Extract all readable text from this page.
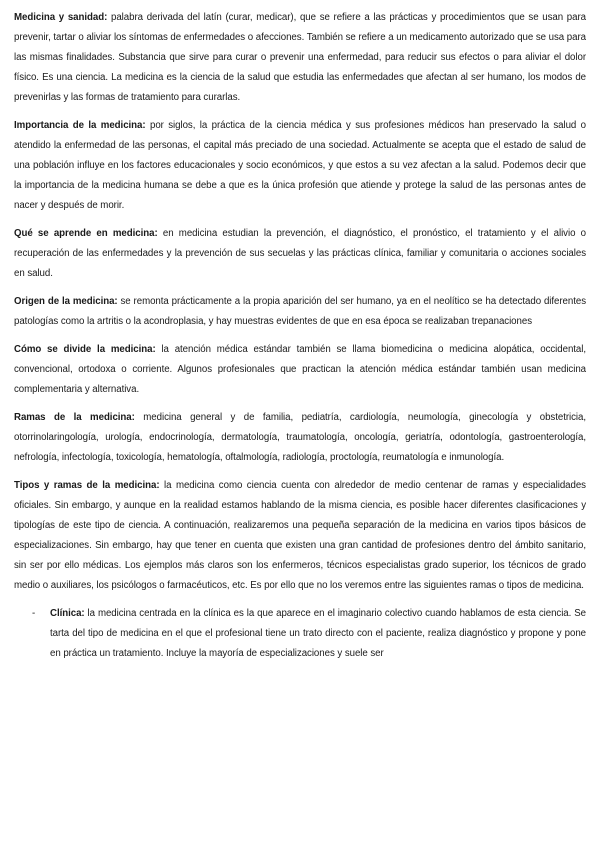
Medicina y sanidad: palabra derivada del latín (curar, medicar), que se refiere a las prácticas y procedimientos que se usan para prevenir, tartar o aliviar los síntomas de enfermedades o afecciones. También se refiere a un medicamento autorizado que se usa para las mismas finalidades. Substancia que sirve para curar o prevenir una enfermedad, para reducir sus efectos o para aliviar el dolor físico. Es una ciencia. La medicina es la ciencia de la salud que estudia las enfermedades que afectan al ser humano, los modos de prevenirlas y las formas de tratamiento para curarlas.

Importancia de la medicina: por siglos, la práctica de la ciencia médica y sus profesiones médicos han preservado la salud o atendido la enfermedad de las personas, el capital más preciado de una sociedad. Actualmente se acepta que el estado de salud de una población influye en los factores educacionales y socio económicos, y que estos a su vez afectan a la salud. Podemos decir que la importancia de la medicina humana se debe a que es la única profesión que atiende y protege la salud de las personas antes de nacer y después de morir.

Qué se aprende en medicina: en medicina estudian la prevención, el diagnóstico, el pronóstico, el tratamiento y el alivio o recuperación de las enfermedades y la prevención de sus secuelas y las prácticas clínica, familiar y comunitaria o acciones sociales en salud.

Origen de la medicina: se remonta prácticamente a la propia aparición del ser humano, ya en el neolítico se ha detectado diferentes patologías como la artritis o la acondroplasia, y hay muestras evidentes de que en esa época se realizaban trepanaciones

Cómo se divide la medicina: la atención médica estándar también se llama biomedicina o medicina alopática, occidental, convencional, ortodoxa o corriente. Algunos profesionales que practican la atención médica estándar también usan medicina complementaria y alternativa.

Ramas de la medicina: medicina general y de familia, pediatría, cardiología, neumología, ginecología y obstetricia, otorrinolaringología, urología, endocrinología, dermatología, traumatología, oncología, geriatría, odontología, gastroenterología, nefrología, infectología, toxicología, hematología, oftalmología, radiología, proctología, reumatología e inmunología.

Tipos y ramas de la medicina: la medicina como ciencia cuenta con alrededor de medio centenar de ramas y especialidades oficiales. Sin embargo, y aunque en la realidad estamos hablando de la misma ciencia, es posible hacer diferentes clasificaciones y tipologías de este tipo de ciencia. A continuación, realizaremos una pequeña separación de la medicina en varios tipos básicos de especializaciones. Sin embargo, hay que tener en cuenta que existen una gran cantidad de profesiones dentro del ámbito sanitario, sin ser por ello médicas. Los ejemplos más claros son los enfermeros, técnicos especialistas grado superior, los técnicos de grado medio o auxiliares, los psicólogos o farmacéuticos, etc. Es por ello que no los veremos entre las siguientes ramas o tipos de medicina.

- Clínica: la medicina centrada en la clínica es la que aparece en el imaginario colectivo cuando hablamos de esta ciencia. Se tarta del tipo de medicina en el que el profesional tiene un trato directo con el paciente, realiza diagnóstico y propone y pone en práctica un tratamiento. Incluye la mayoría de especializaciones y suele ser
